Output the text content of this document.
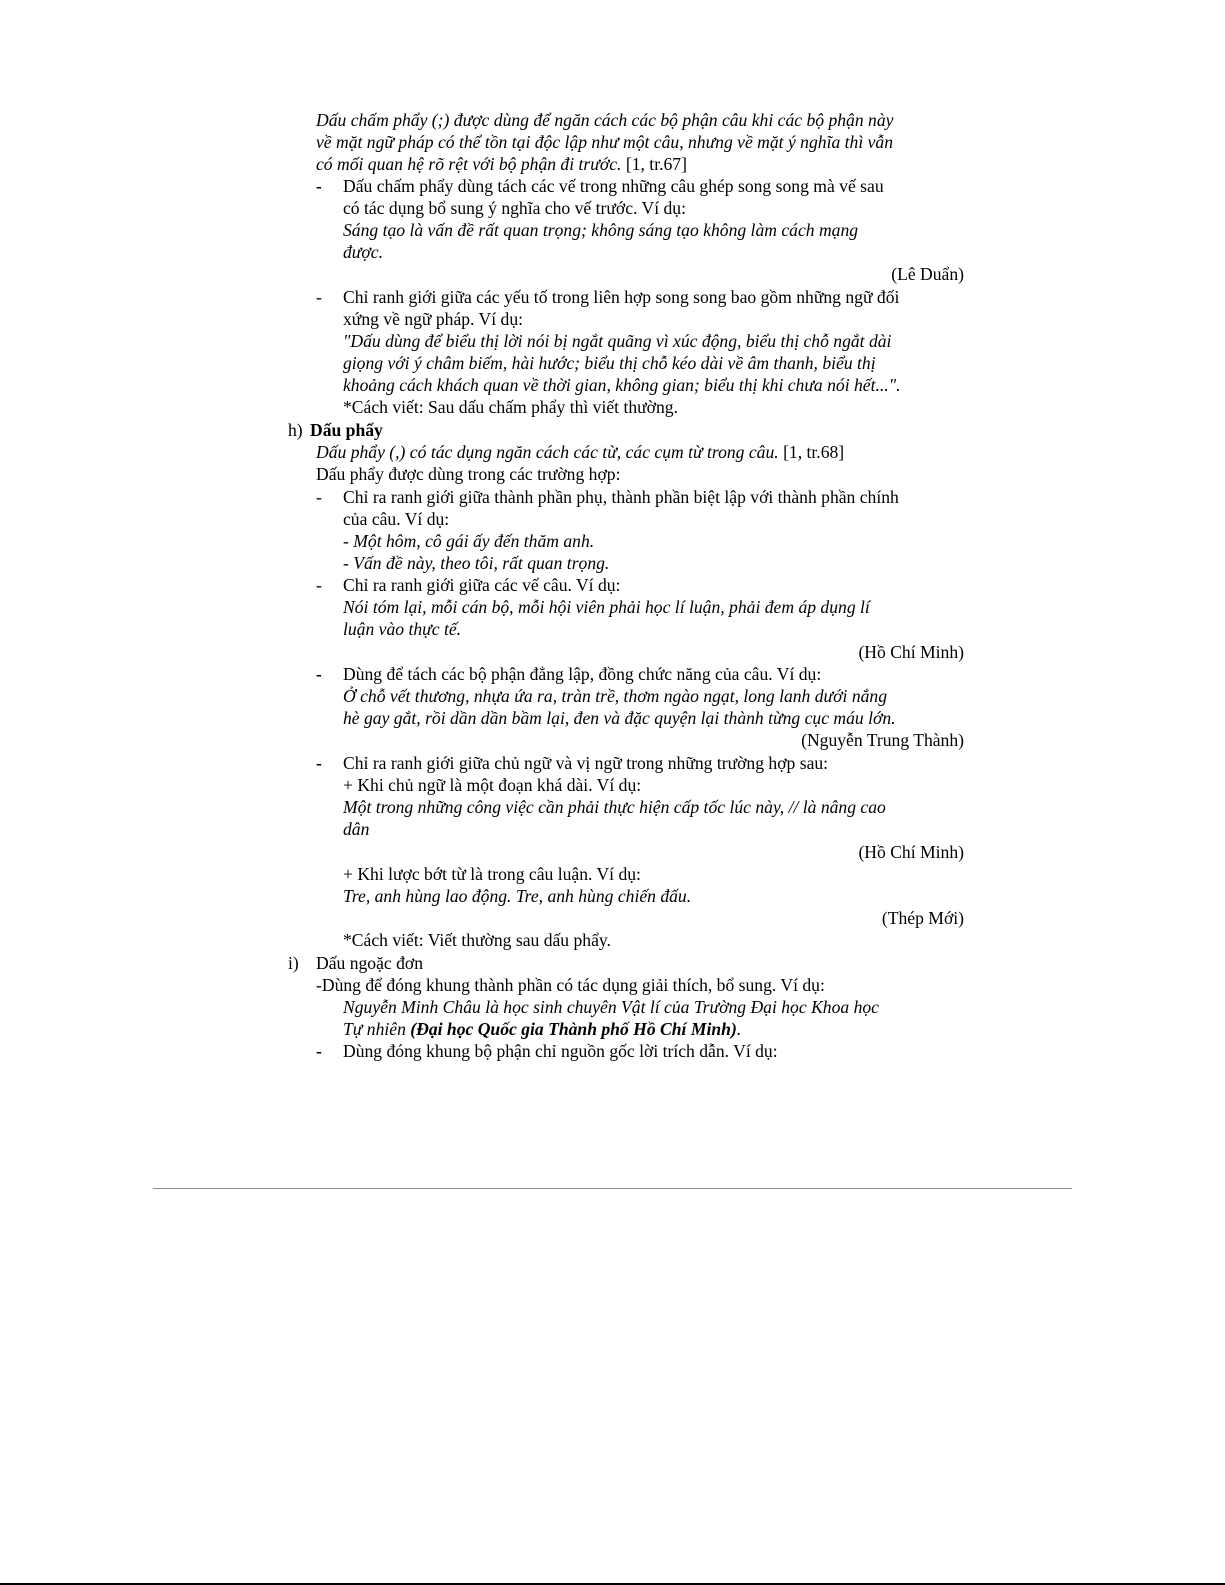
Dấu chấm phẩy (;) được dùng để ngăn cách các bộ phận câu khi các bộ phận này
về mặt ngữ pháp có thể tồn tại độc lập như một câu, nhưng về mặt ý nghĩa thì vẫn
có mối quan hệ rõ rệt với bộ phận đi trước. [1, tr.67]
- Dấu chấm phẩy dùng tách các vế trong những câu ghép song song mà vế sau
có tác dụng bổ sung ý nghĩa cho vế trước. Ví dụ:
Sáng tạo là vấn đề rất quan trọng; không sáng tạo không làm cách mạng
được.
(Lê Duẩn)
- Chỉ ranh giới giữa các yếu tố trong liên hợp song song bao gồm những ngữ đối
xứng về ngữ pháp. Ví dụ:
"Dấu dùng để biểu thị lời nói bị ngắt quãng vì xúc động, biểu thị chỗ ngắt dài
giọng với ý châm biếm, hài hước; biểu thị chỗ kéo dài về âm thanh, biểu thị
khoảng cách khách quan về thời gian, không gian; biểu thị khi chưa nói hết...".
*Cách viết: Sau dấu chấm phẩy thì viết thường.
h) Dấu phẩy
Dấu phẩy (,) có tác dụng ngăn cách các từ, các cụm từ trong câu. [1, tr.68]
Dấu phẩy được dùng trong các trường hợp:
- Chỉ ra ranh giới giữa thành phần phụ, thành phần biệt lập với thành phần chính
của câu. Ví dụ:
- Một hôm, cô gái ấy đến thăm anh.
- Vấn đề này, theo tôi, rất quan trọng.
- Chỉ ra ranh giới giữa các vế câu. Ví dụ:
Nói tóm lại, mỗi cán bộ, mỗi hội viên phải học lí luận, phải đem áp dụng lí
luận vào thực tế.
(Hồ Chí Minh)
- Dùng để tách các bộ phận đẳng lập, đồng chức năng của câu. Ví dụ:
Ở chỗ vết thương, nhựa ứa ra, tràn trề, thơm ngào ngạt, long lanh dưới nắng
hè gay gắt, rồi dần dần bầm lại, đen và đặc quyện lại thành từng cục máu lớn.
(Nguyễn Trung Thành)
- Chỉ ra ranh giới giữa chủ ngữ và vị ngữ trong những trường hợp sau:
+ Khi chủ ngữ là một đoạn khá dài. Ví dụ:
Một trong những công việc cần phải thực hiện cấp tốc lúc này, // là nâng cao
dân
(Hồ Chí Minh)
+ Khi lược bớt từ là trong câu luận. Ví dụ:
Tre, anh hùng lao động. Tre, anh hùng chiến đấu.
(Thép Mới)
*Cách viết: Viết thường sau dấu phẩy.
i) Dấu ngoặc đơn
-Dùng để đóng khung thành phần có tác dụng giải thích, bổ sung. Ví dụ:
Nguyễn Minh Châu là học sinh chuyên Vật lí của Trường Đại học Khoa học
Tự nhiên (Đại học Quốc gia Thành phố Hồ Chí Minh).
- Dùng đóng khung bộ phận chỉ nguồn gốc lời trích dẫn. Ví dụ:
